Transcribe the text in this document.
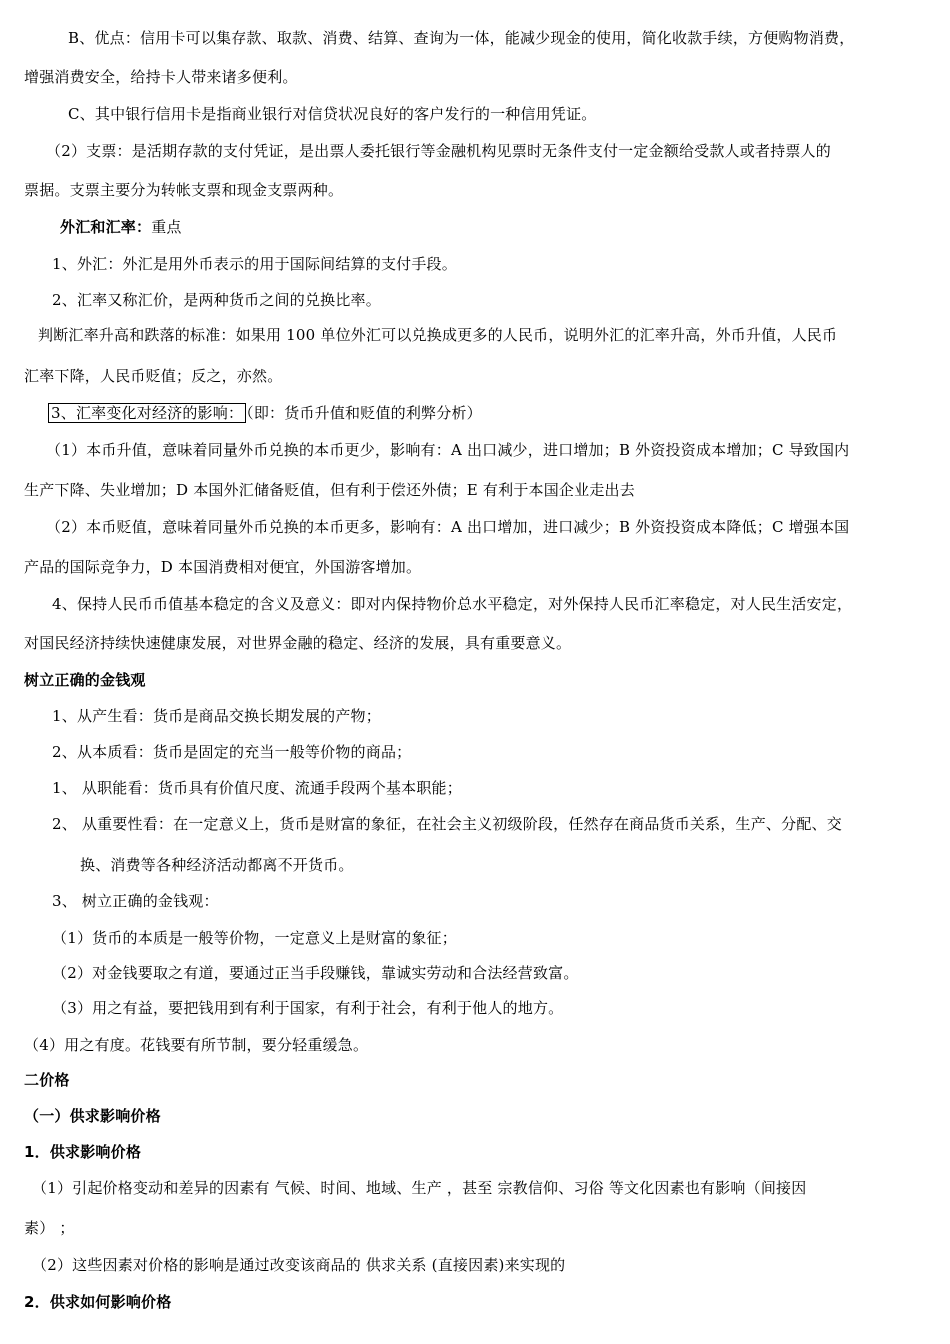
B、优点：信用卡可以集存款、取款、消费、结算、查询为一体，能减少现金的使用，简化收款手续，方便购物消费，
增强消费安全，给持卡人带来诸多便利。
C、其中银行信用卡是指商业银行对信贷状况良好的客户发行的一种信用凭证。
（2）支票：是活期存款的支付凭证，是出票人委托银行等金融机构见票时无条件支付一定金额给受款人或者持票人的
票据。支票主要分为转帐支票和现金支票两种。
外汇和汇率：重点
1、外汇：外汇是用外币表示的用于国际间结算的支付手段。
2、汇率又称汇价，是两种货币之间的兑换比率。
判断汇率升高和跌落的标准：如果用 100 单位外汇可以兑换成更多的人民币，说明外汇的汇率升高，外币升值，人民币
汇率下降，人民币贬值；反之，亦然。
3、汇率变化对经济的影响： （即：货币升值和贬值的利弊分析）
（1）本币升值，意味着同量外币兑换的本币更少，影响有：A 出口减少，进口增加；B 外资投资成本增加；C 导致国内
生产下降、失业增加；D 本国外汇储备贬值，但有利于偿还外债；E 有利于本国企业走出去
（2）本币贬值，意味着同量外币兑换的本币更多，影响有：A 出口增加，进口减少；B 外资投资成本降低；C 增强本国
产品的国际竞争力，D 本国消费相对便宜，外国游客增加。
4、保持人民币币值基本稳定的含义及意义：即对内保持物价总水平稳定，对外保持人民币汇率稳定，对人民生活安定，
对国民经济持续快速健康发展，对世界金融的稳定、经济的发展，具有重要意义。
树立正确的金钱观
1、从产生看：货币是商品交换长期发展的产物；
2、从本质看：货币是固定的充当一般等价物的商品；
1、 从职能看：货币具有价值尺度、流通手段两个基本职能；
2、 从重要性看：在一定意义上，货币是财富的象征，在社会主义初级阶段，任然存在商品货币关系，生产、分配、交
换、消费等各种经济活动都离不开货币。
3、 树立正确的金钱观：
（1）货币的本质是一般等价物，一定意义上是财富的象征；
（2）对金钱要取之有道，要通过正当手段赚钱，靠诚实劳动和合法经营致富。
（3）用之有益，要把钱用到有利于国家，有利于社会，有利于他人的地方。
（4）用之有度。花钱要有所节制，要分轻重缓急。
二价格
（一）供求影响价格
1．供求影响价格
（1）引起价格变动和差异的因素有 气候、时间、地域、生产 ，甚至 宗教信仰、习俗 等文化因素也有影响（间接因
素） ；
（2）这些因素对价格的影响是通过改变该商品的 供求关系 (直接因素)来实现的
2．供求如何影响价格
